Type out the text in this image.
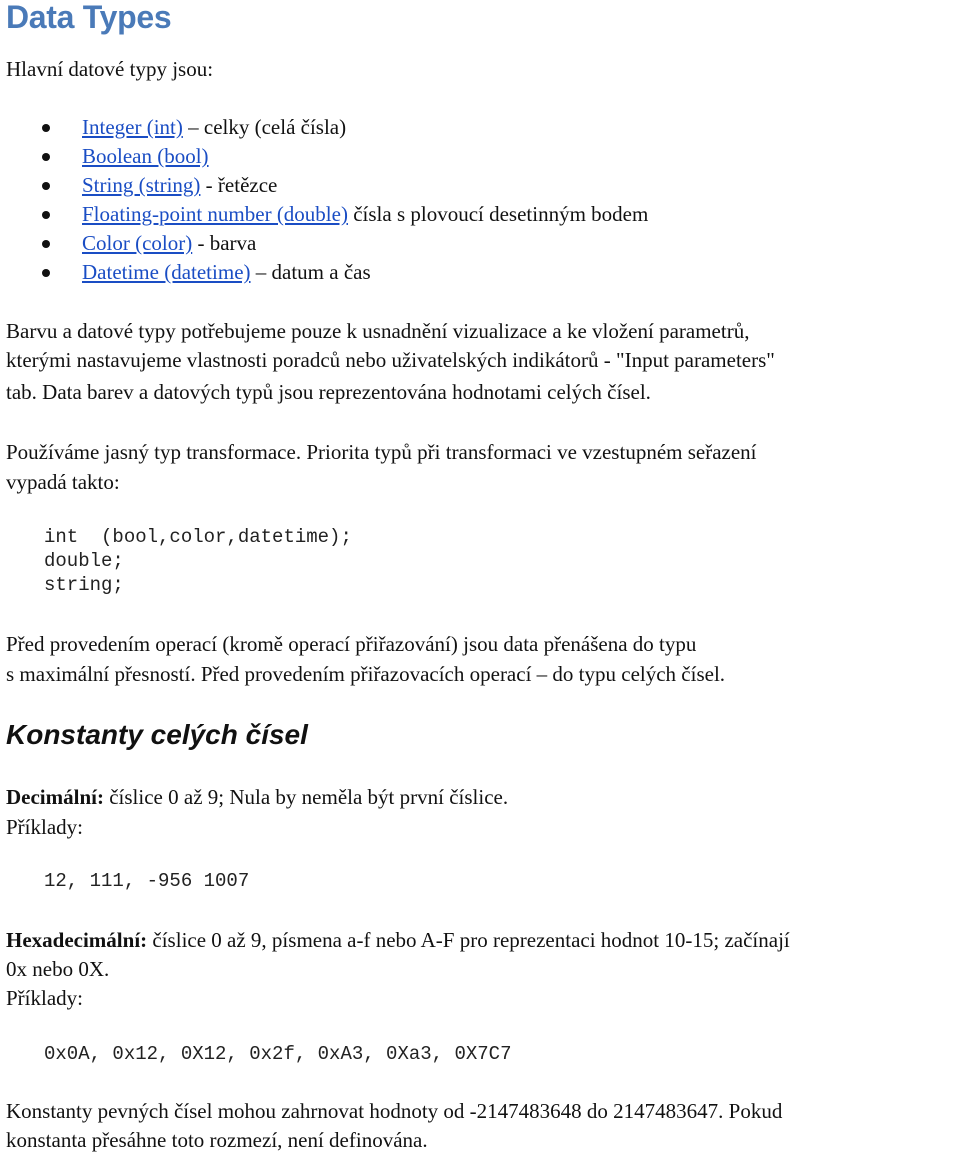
Data Types
Hlavní datové typy jsou:
Integer (int) – celky (celá čísla)
Boolean (bool)
String (string) - řetězce
Floating-point number (double) čísla s plovoucí desetinným bodem
Color (color) - barva
Datetime (datetime) – datum a čas
Barvu a datové typy potřebujeme pouze k usnadnění vizualizace a ke vložení parametrů,
kterými nastavujeme vlastnosti poradců nebo uživatelských indikátorů - "Input parameters"
tab. Data barev a datových typů jsou reprezentována hodnotami celých čísel.
Používáme jasný typ transformace. Priorita typů při transformaci ve vzestupném seřazení
vypadá takto:
int  (bool,color,datetime);
double;
string;
Před provedením operací (kromě operací přiřazování) jsou data přenášena do typu
s maximální přesností. Před provedením přiřazovacích operací – do typu celých čísel.
Konstanty celých čísel
Decimální: číslice 0 až 9; Nula by neměla být první číslice.
Příklady:
12, 111, -956 1007
Hexadecimální: číslice 0 až 9, písmena a-f nebo A-F pro reprezentaci hodnot 10-15; začínají
0x nebo 0X.
Příklady:
0x0A, 0x12, 0X12, 0x2f, 0xA3, 0Xa3, 0X7C7
Konstanty pevných čísel mohou zahrnovat hodnoty od -2147483648 do 2147483647. Pokud
konstanta přesáhne toto rozmezí, není definována.
